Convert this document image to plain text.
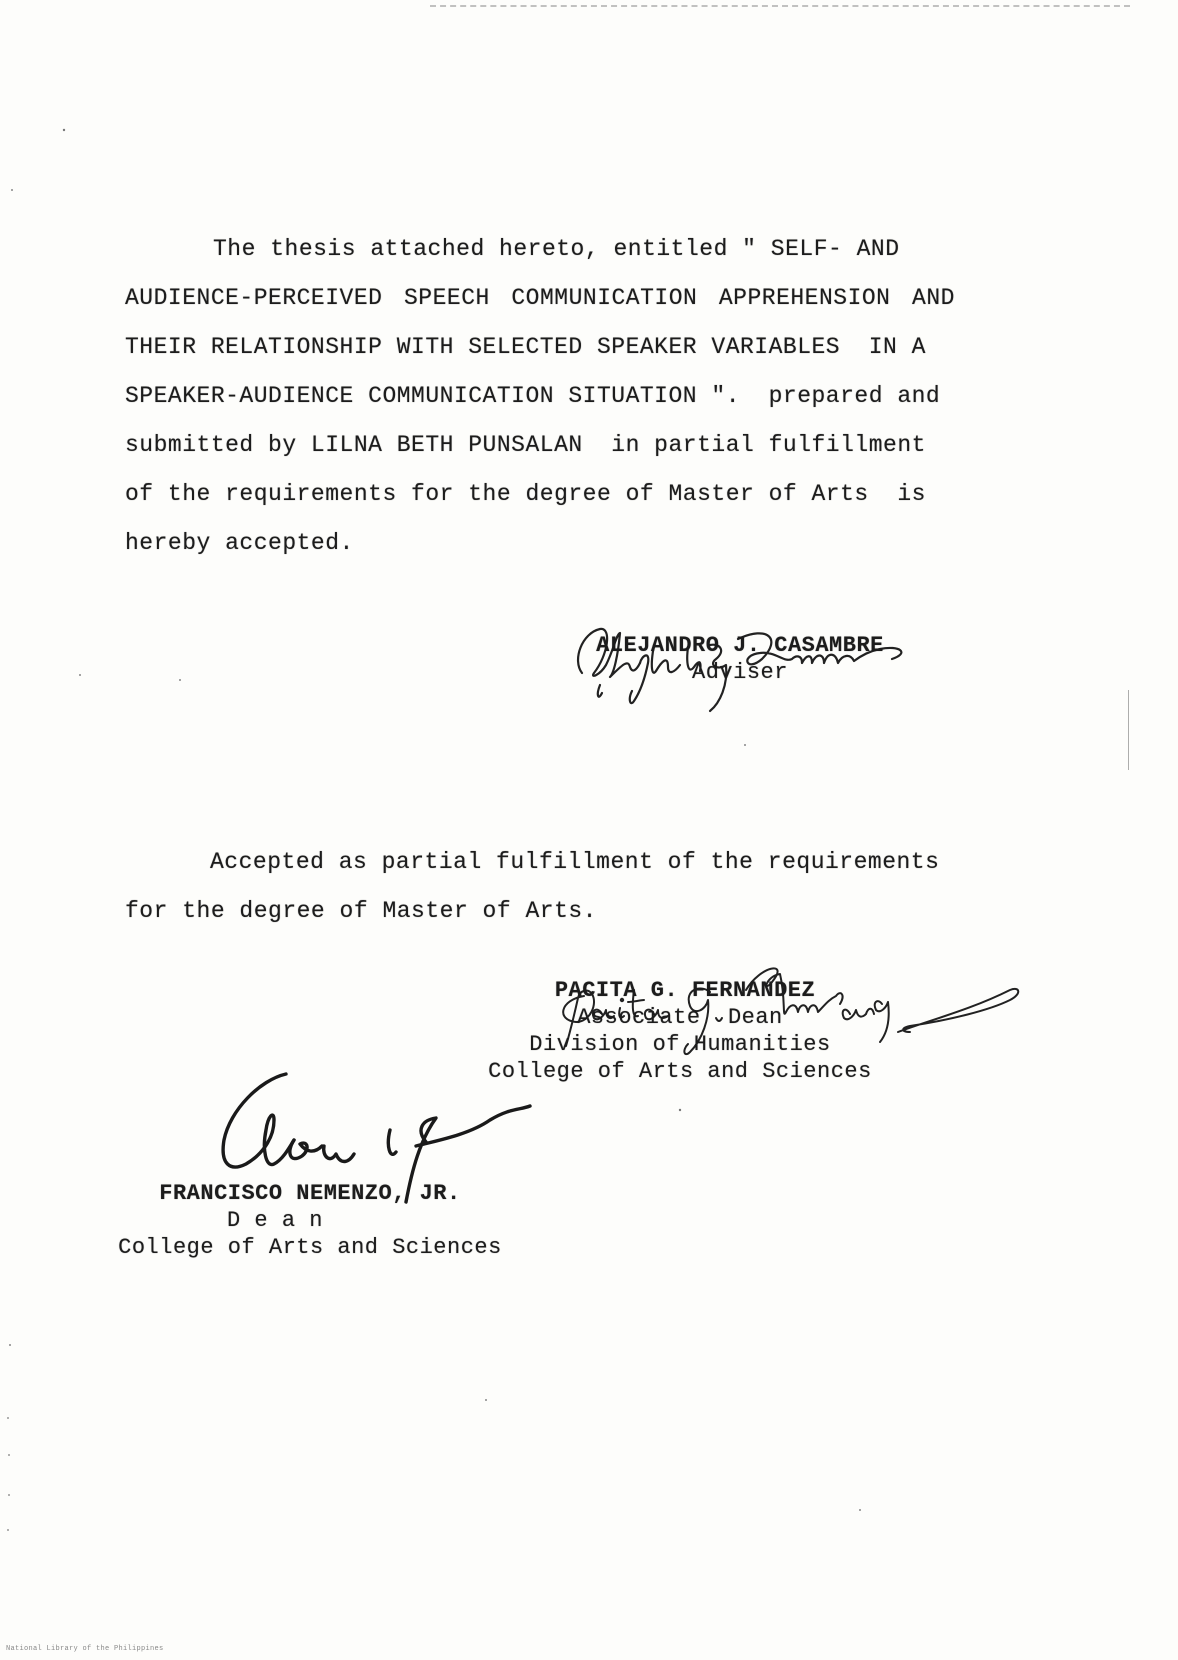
The thesis attached hereto, entitled " SELF- AND
AUDIENCE-PERCEIVED SPEECH COMMUNICATION APPREHENSION AND
THEIR RELATIONSHIP WITH SELECTED SPEAKER VARIABLES  IN A
SPEAKER-AUDIENCE COMMUNICATION SITUATION ".  prepared and
submitted by LILNA BETH PUNSALAN  in partial fulfillment
of the requirements for the degree of Master of Arts  is
hereby accepted.
ALEJANDRO J. CASAMBRE
Adviser
Accepted as partial fulfillment of the requirements
for the degree of Master of Arts.
PACITA G. FERNANDEZ
Associate  Dean
Division of Humanities
College of Arts and Sciences
FRANCISCO NEMENZO, JR.
D e a n
College of Arts and Sciences
National Library of the Philippines
